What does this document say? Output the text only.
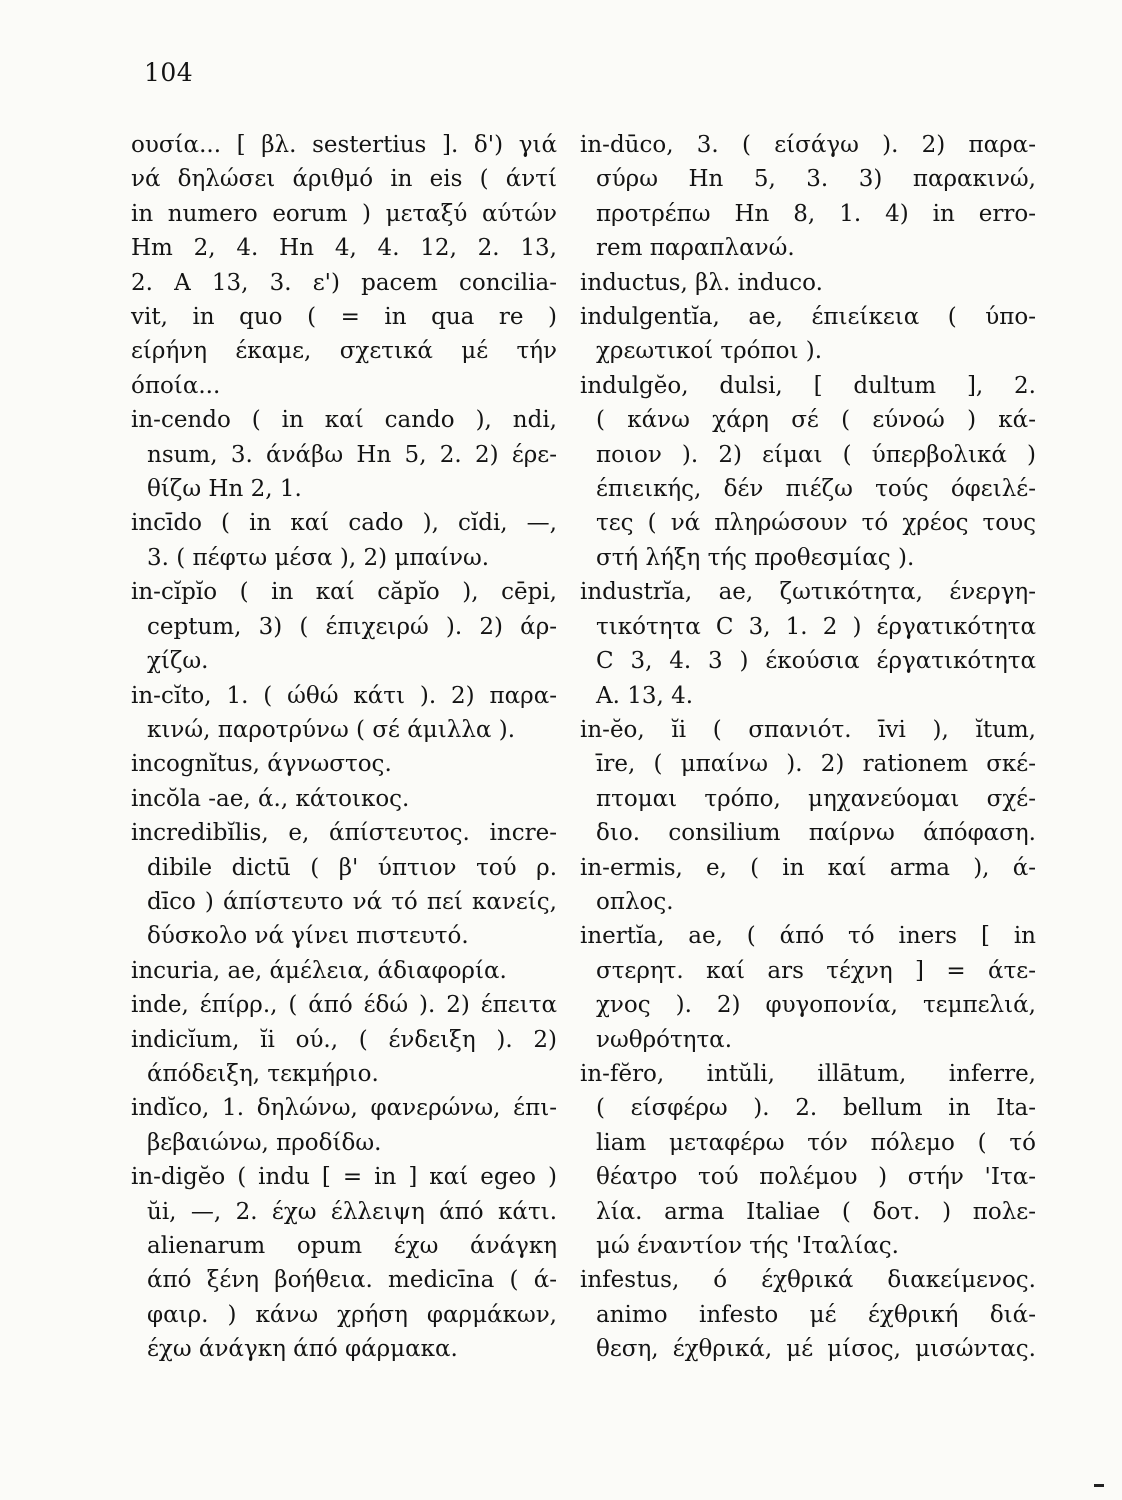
104
ουσία... [ βλ. sestertius ]. δ') γιά
νά δηλώσει άριθμό in eis ( άντί
in numero eorum ) μεταξύ αύτών
Hm 2, 4. Hn 4, 4. 12, 2. 13,
2. A 13, 3. ε') pacem concilia-
vit, in quo ( = in qua re )
είρήνη έκαμε, σχετικά μέ τήν
όποία...
in-cendo ( in καί cando ), ndi,
nsum, 3. άνάβω Hn 5, 2. 2) έρε-
θίζω Hn 2, 1.
incīdo ( in καί cado ), cĭdi, —,
3. ( πέφτω μέσα ), 2) μπαίνω.
in-cĭpĭo ( in καί căpĭo ), cēpi,
ceptum, 3) ( έπιχειρώ ). 2) άρ-
χίζω.
in-cĭto, 1. ( ώθώ κάτι ). 2) παρα-
κινώ, παροτρύνω ( σέ άμιλλα ).
incognĭtus, άγνωστος.
incŏla -ae, ά., κάτοικος.
incredibĭlis, e, άπίστευτος. incre-
dibile dictū ( β' ύπτιον τού ρ.
dīco ) άπίστευτο νά τό πεί κανείς,
δύσκολο νά γίνει πιστευτό.
incuria, ae, άμέλεια, άδιαφορία.
inde, έπίρρ., ( άπό έδώ ). 2) έπειτα
indicĭum, ĭi ού., ( ένδειξη ). 2)
άπόδειξη, τεκμήριο.
indĭco, 1. δηλώνω, φανερώνω, έπι-
βεβαιώνω, προδίδω.
in-digĕo ( indu [ = in ] καί egeo )
ŭi, —, 2. έχω έλλειψη άπό κάτι.
alienarum opum έχω άνάγκη
άπό ξένη βοήθεια. medicīna ( ά-
φαιρ. ) κάνω χρήση φαρμάκων,
έχω άνάγκη άπό φάρμακα.
in-dūco, 3. ( είσάγω ). 2) παρα-
σύρω Hn 5, 3. 3) παρακινώ,
προτρέπω Hn 8, 1. 4) in erro-
rem παραπλανώ.
inductus, βλ. induco.
indulgentĭa, ae, έπιείκεια ( ύπο-
χρεωτικοί τρόποι ).
indulgĕo, dulsi, [ dultum ], 2.
( κάνω χάρη σέ ( εύνοώ ) κά-
ποιον ). 2) είμαι ( ύπερβολικά )
έπιεικής, δέν πιέζω τούς όφειλέ-
τες ( νά πληρώσουν τό χρέος τους
στή λήξη τής προθεσμίας ).
industrĭa, ae, ζωτικότητα, ένεργη-
τικότητα C 3, 1. 2 ) έργατικότητα
C 3, 4. 3 ) έκούσια έργατικότητα
A. 13, 4.
in-ĕo, ĭi ( σπανιότ. īvi ), ĭtum,
īre, ( μπαίνω ). 2) rationem σκέ-
πτομαι τρόπο, μηχανεύομαι σχέ-
διο. consilium παίρνω άπόφαση.
in-ermis, e, ( in καί arma ), ά-
οπλος.
inertĭa, ae, ( άπό τό iners [ in
στερητ. καί ars τέχνη ] = άτε-
χνος ). 2) φυγοπονία, τεμπελιά,
νωθρότητα.
in-fĕro, intŭli, illātum, inferre,
( είσφέρω ). 2. bellum in Ita-
liam μεταφέρω τόν πόλεμο ( τό
θέατρο τού πολέμου ) στήν 'Ιτα-
λία. arma Italiae ( δοτ. ) πολε-
μώ έναντίον τής 'Ιταλίας.
infestus, ό έχθρικά διακείμενος.
animo infesto μέ έχθρική διά-
θεση, έχθρικά, μέ μίσος, μισώντας.
